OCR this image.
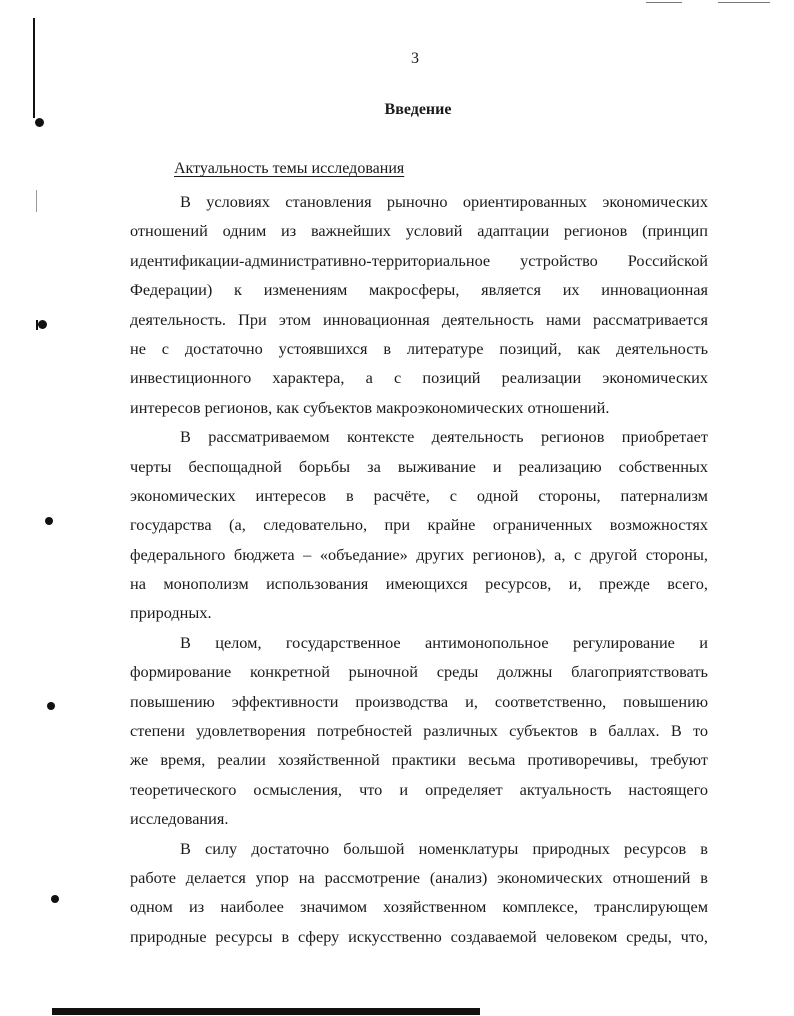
3
Введение
Актуальность темы исследования
В условиях становления рыночно ориентированных экономических
отношений одним из важнейших условий адаптации регионов (принцип
идентификации-административно-территориальное устройство Российской
Федерации) к изменениям макросферы, является их инновационная
деятельность. При этом инновационная деятельность нами рассматривается
не с достаточно устоявшихся в литературе позиций, как деятельность
инвестиционного характера, а с позиций реализации экономических
интересов регионов, как субъектов макроэкономических отношений.
В рассматриваемом контексте деятельность регионов приобретает
черты беспощадной борьбы за выживание и реализацию собственных
экономических интересов в расчёте, с одной стороны, патернализм
государства (а, следовательно, при крайне ограниченных возможностях
федерального бюджета – «объедание» других регионов), а, с другой стороны,
на монополизм использования имеющихся ресурсов, и, прежде всего,
природных.
В целом, государственное антимонопольное регулирование и
формирование конкретной рыночной среды должны благоприятствовать
повышению эффективности производства и, соответственно, повышению
степени удовлетворения потребностей различных субъектов в баллах. В то
же время, реалии хозяйственной практики весьма противоречивы, требуют
теоретического осмысления, что и определяет актуальность настоящего
исследования.
В силу достаточно большой номенклатуры природных ресурсов в
работе делается упор на рассмотрение (анализ) экономических отношений в
одном из наиболее значимом хозяйственном комплексе, транслирующем
природные ресурсы в сферу искусственно создаваемой человеком среды, что,
